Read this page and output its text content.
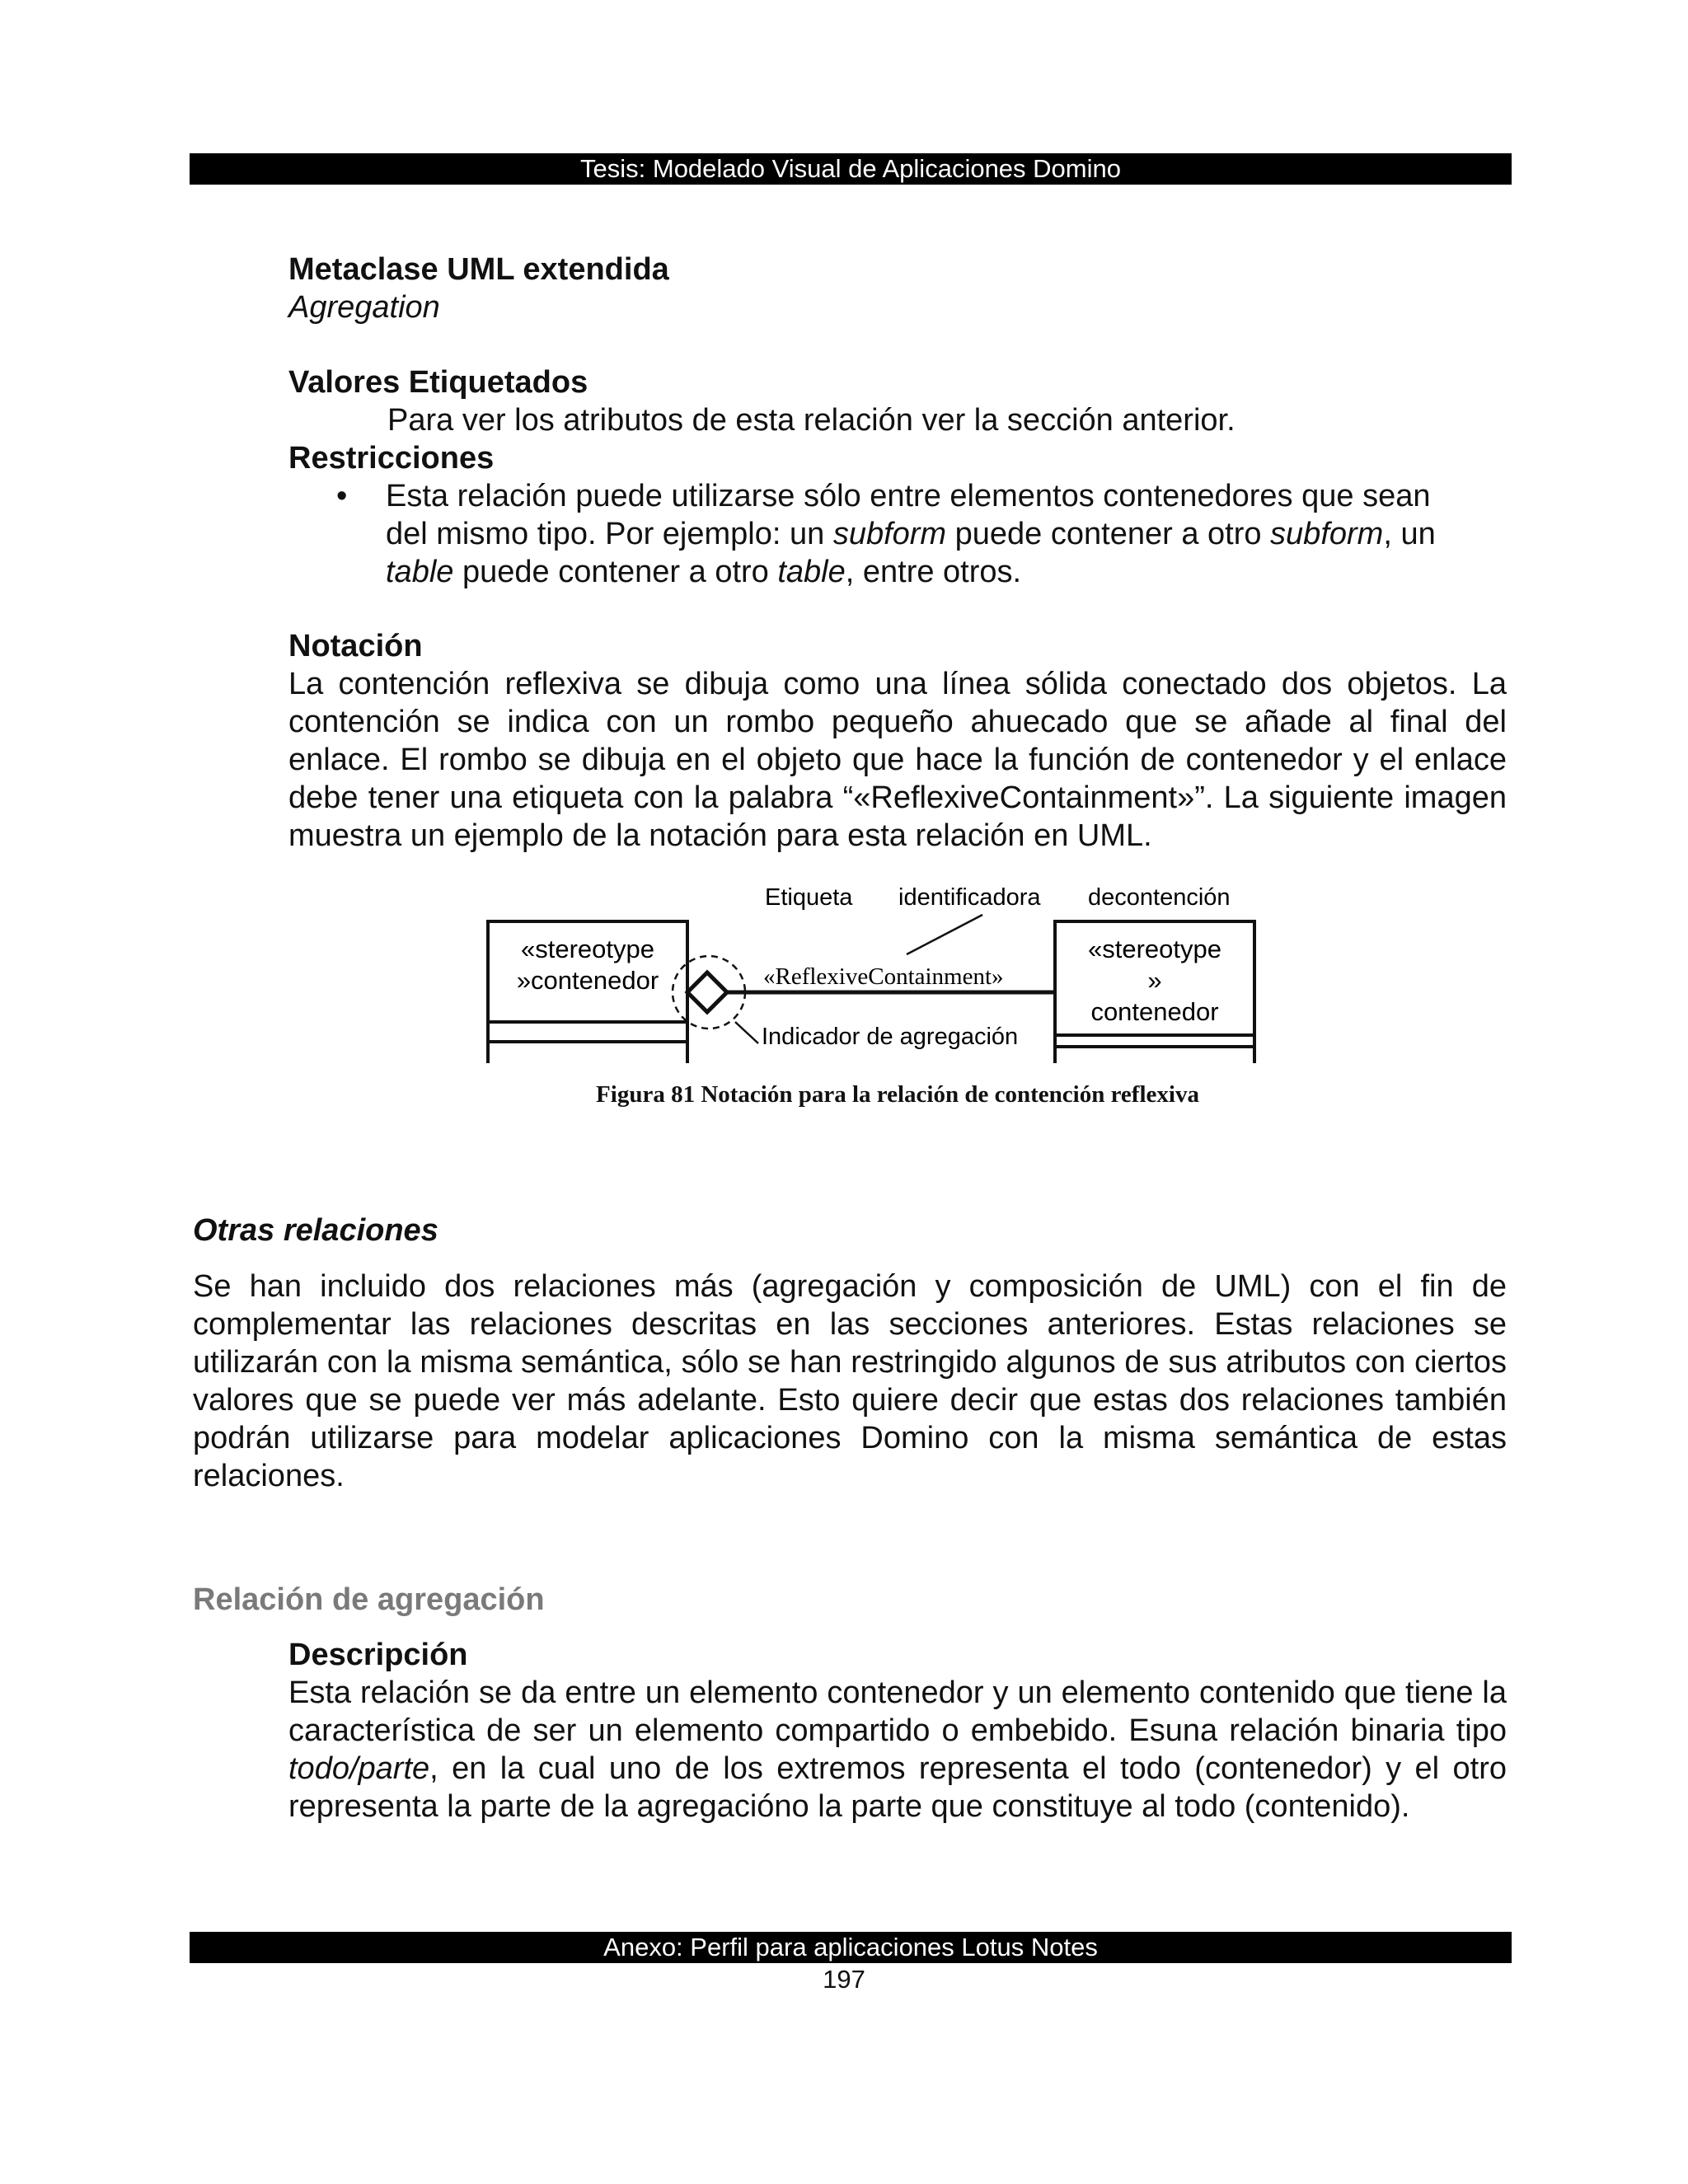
Tesis: Modelado Visual de Aplicaciones Domino
Metaclase UML extendida
Agregation
Valores Etiquetados
Para ver los atributos de esta relación ver la sección anterior.
Restricciones
• Esta relación puede utilizarse sólo entre elementos contenedores que sean
del mismo tipo. Por ejemplo: un subform puede contener a otro subform, un
table puede contener a otro table, entre otros.
Notación
La contención reflexiva se dibuja como una línea sólida conectado dos objetos. La contención se indica con un rombo pequeño ahuecado que se añade al final del enlace. El rombo se dibuja en el objeto que hace la función de contenedor y el enlace debe tener una etiqueta con la palabra “«ReflexiveContainment»”. La siguiente imagen muestra un ejemplo de la notación para esta relación en UML.
Etiqueta identificadora decontención
«stereotype
»contenedor
«stereotype
»
contenedor
«ReflexiveContainment»
Indicador de agregación
Figura 81 Notación para la relación de contención reflexiva
Otras relaciones
Se han incluido dos relaciones más (agregación y composición de UML) con el fin de complementar las relaciones descritas en las secciones anteriores. Estas relaciones se utilizarán con la misma semántica, sólo se han restringido algunos de sus atributos con ciertos valores que se puede ver más adelante. Esto quiere decir que estas dos relaciones también podrán utilizarse para modelar aplicaciones Domino con la misma semántica de estas relaciones.
Relación de agregación
Descripción
Esta relación se da entre un elemento contenedor y un elemento contenido que tiene la característica de ser un elemento compartido o embebido. Esuna relación binaria tipo todo/parte, en la cual uno de los extremos representa el todo (contenedor) y el otro representa la parte de la agregacióno la parte que constituye al todo (contenido).
Anexo: Perfil para aplicaciones Lotus Notes
197
